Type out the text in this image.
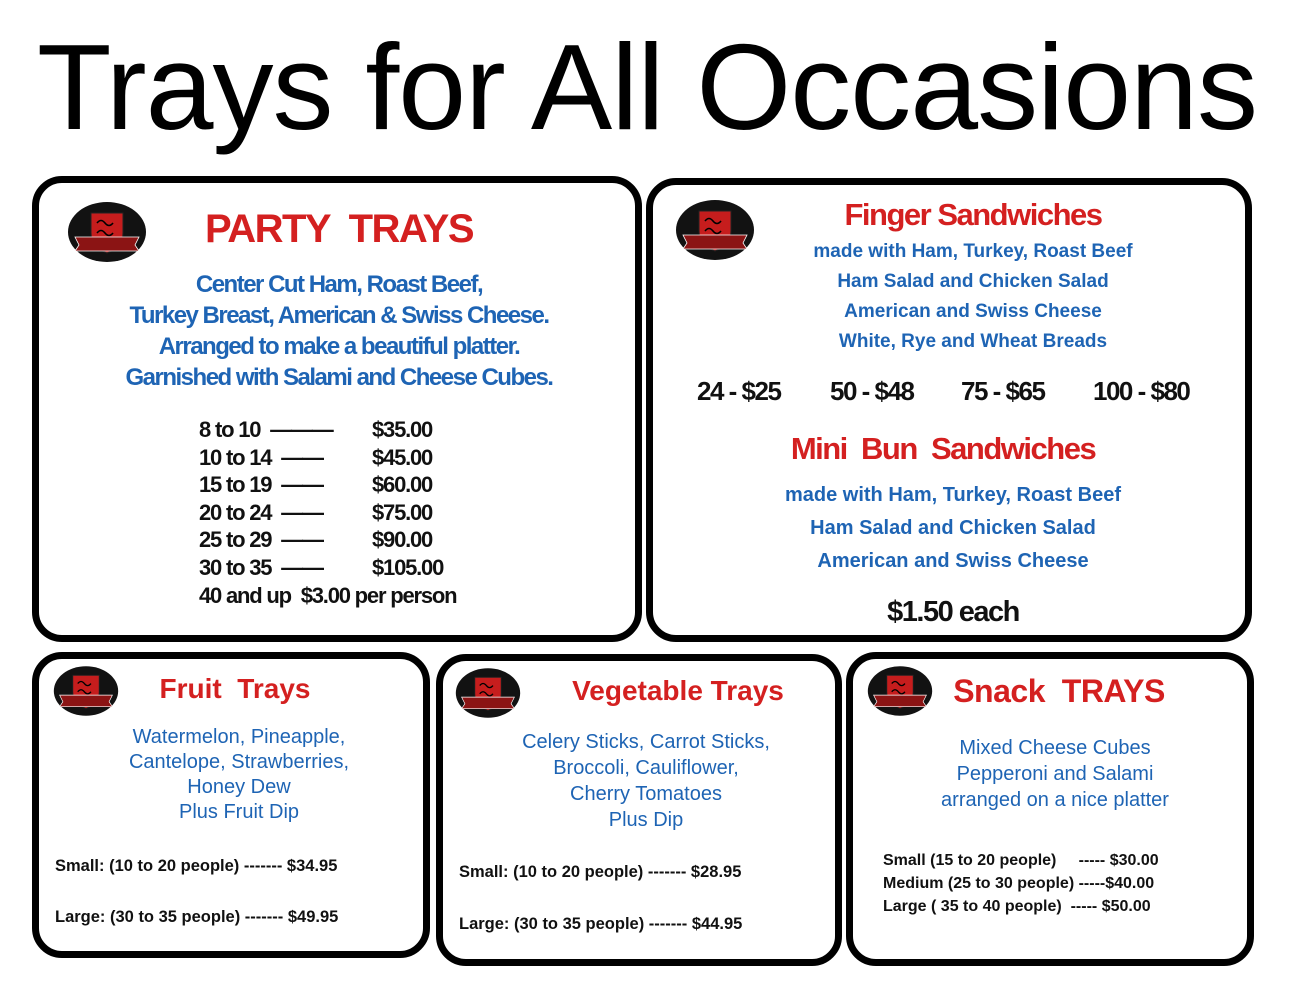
Trays for All Occasions
PARTY  TRAYS
Center Cut Ham, Roast Beef,
Turkey Breast, American & Swiss Cheese.
Arranged to make a beautiful platter.
Garnished with Salami and Cheese Cubes.
8 to 10  ——— $35.00
10 to 14  —— $45.00
15 to 19  —— $60.00
20 to 24  —— $75.00
25 to 29  —— $90.00
30 to 35  —— $105.00
40 and up  $3.00 per person
Finger Sandwiches
made with Ham, Turkey, Roast Beef
Ham Salad and Chicken Salad
American and Swiss Cheese
White, Rye and Wheat Breads
24 - $25 50 - $48 75 - $65 100 - $80
Mini  Bun  Sandwiches
made with Ham, Turkey, Roast Beef
Ham Salad and Chicken Salad
American and Swiss Cheese
$1.50 each
Fruit  Trays
Watermelon, Pineapple,
Cantelope, Strawberries,
Honey Dew
Plus Fruit Dip
Small: (10 to 20 people) ------- $34.95
Large: (30 to 35 people) ------- $49.95
Vegetable Trays
Celery Sticks, Carrot Sticks,
Broccoli, Cauliflower,
Cherry Tomatoes
Plus Dip
Small: (10 to 20 people) ------- $28.95
Large: (30 to 35 people) ------- $44.95
Snack  TRAYS
Mixed Cheese Cubes
Pepperoni and Salami
arranged on a nice platter
Small (15 to 20 people)     ----- $30.00
Medium (25 to 30 people) -----$40.00
Large ( 35 to 40 people)  ----- $50.00
